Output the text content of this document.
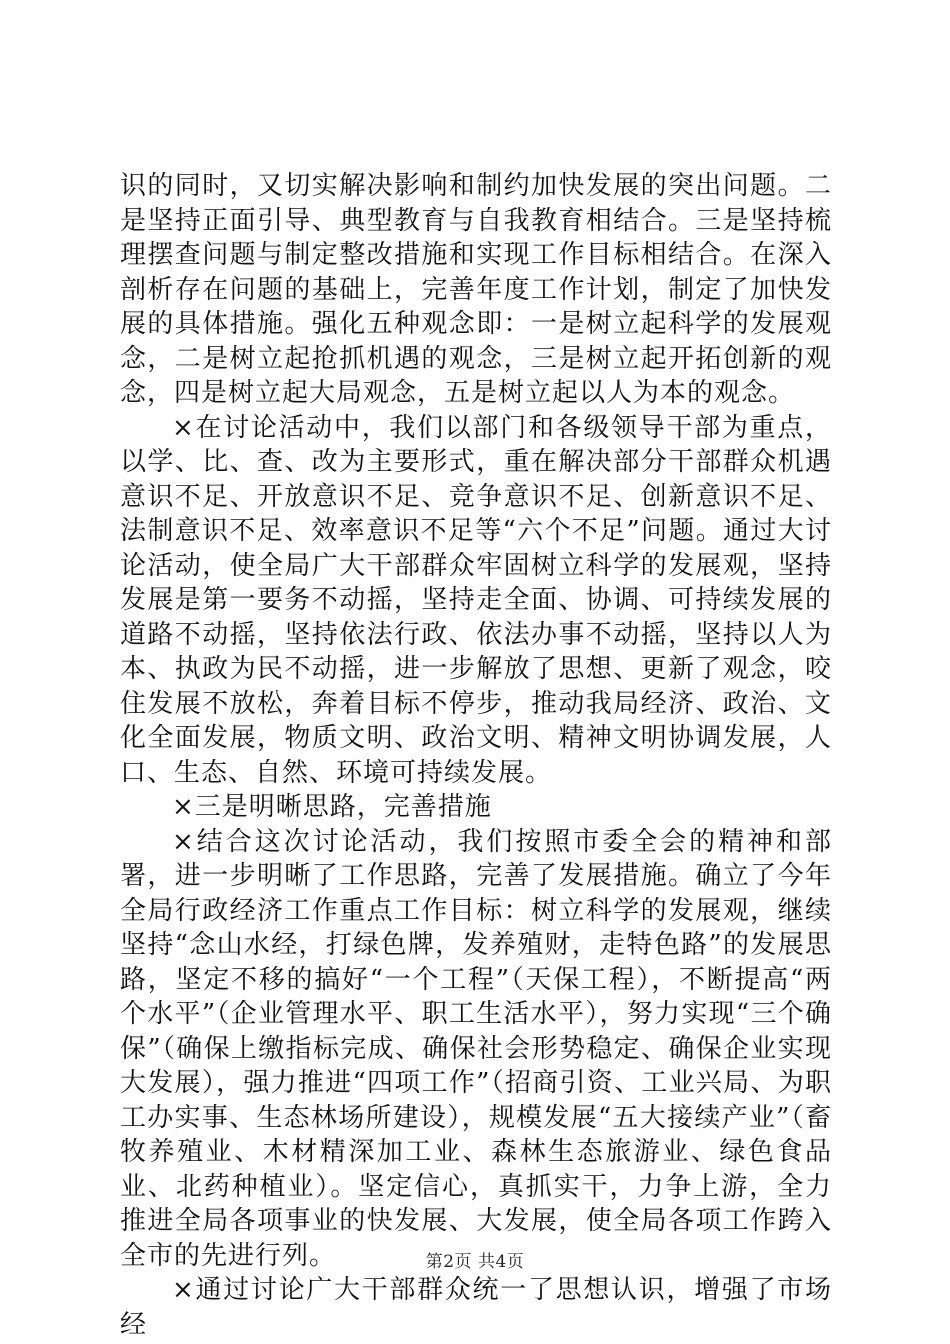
识的同时，又切实解决影响和制约加快发展的突出问题。二是坚持正面引导、典型教育与自我教育相结合。三是坚持梳理摆查问题与制定整改措施和实现工作目标相结合。在深入剖析存在问题的基础上，完善年度工作计划，制定了加快发展的具体措施。强化五种观念即：一是树立起科学的发展观念，二是树立起抢抓机遇的观念，三是树立起开拓创新的观念，四是树立起大局观念，五是树立起以人为本的观念。

×在讨论活动中，我们以部门和各级领导干部为重点，以学、比、查、改为主要形式，重在解决部分干部群众机遇意识不足、开放意识不足、竞争意识不足、创新意识不足、法制意识不足、效率意识不足等“六个不足”问题。通过大讨论活动，使全局广大干部群众牢固树立科学的发展观，坚持发展是第一要务不动摇，坚持走全面、协调、可持续发展的道路不动摇，坚持依法行政、依法办事不动摇，坚持以人为本、执政为民不动摇，进一步解放了思想、更新了观念，咬住发展不放松，奔着目标不停步，推动我局经济、政治、文化全面发展，物质文明、政治文明、精神文明协调发展，人口、生态、自然、环境可持续发展。

×三是明晰思路，完善措施

×结合这次讨论活动，我们按照市委全会的精神和部署，进一步明晰了工作思路，完善了发展措施。确立了今年全局行政经济工作重点工作目标：树立科学的发展观，继续坚持“念山水经，打绿色牌，发养殖财，走特色路”的发展思路，坚定不移的搞好“一个工程”（天保工程），不断提高“两个水平”（企业管理水平、职工生活水平），努力实现“三个确保”（确保上缴指标完成、确保社会形势稳定、确保企业实现大发展），强力推进“四项工作”（招商引资、工业兴局、为职工办实事、生态林场所建设），规模发展“五大接续产业”（畜牧养殖业、木材精深加工业、森林生态旅游业、绿色食品业、北药种植业）。坚定信心，真抓实干，力争上游，全力推进全局各项事业的快发展、大发展，使全局各项工作跨入全市的先进行列。

×通过讨论广大干部群众统一了思想认识，增强了市场经

第2页 共4页
